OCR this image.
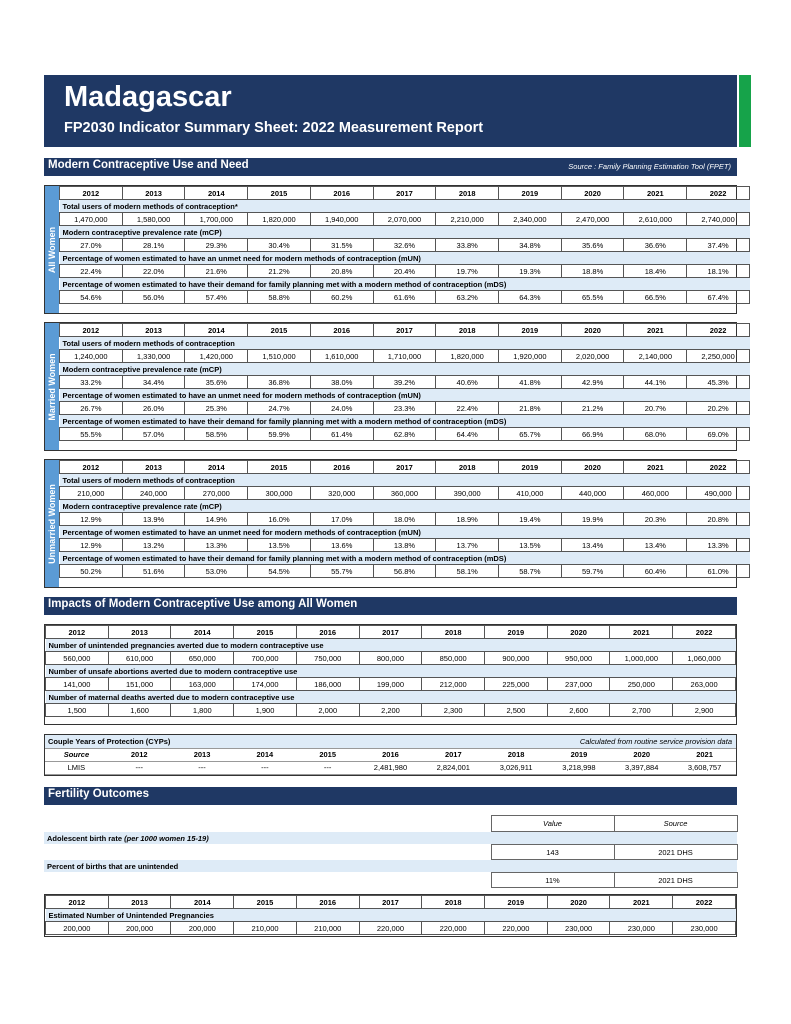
Madagascar
FP2030 Indicator Summary Sheet: 2022 Measurement Report
Modern Contraceptive Use and Need	Source : Family Planning Estimation Tool (FPET)
All Women
2012	2013	2014	2015	2016	2017	2018	2019	2020	2021	2022
Total users of modern methods of contraception*										
1,470,000	1,580,000	1,700,000	1,820,000	1,940,000	2,070,000	2,210,000	2,340,000	2,470,000	2,610,000	2,740,000
Modern contraceptive prevalence rate (mCP)										
27.0%	28.1%	29.3%	30.4%	31.5%	32.6%	33.8%	34.8%	35.6%	36.6%	37.4%
Percentage of women estimated to have an unmet need for modern methods of contraception (mUN)										
22.4%	22.0%	21.6%	21.2%	20.8%	20.4%	19.7%	19.3%	18.8%	18.4%	18.1%
Percentage of women estimated to have their demand for family planning met with a modern method of contraception (mDS)										
54.6%	56.0%	57.4%	58.8%	60.2%	61.6%	63.2%	64.3%	65.5%	66.5%	67.4%
Married Women
2012	2013	2014	2015	2016	2017	2018	2019	2020	2021	2022
Total users of modern methods of contraception										
1,240,000	1,330,000	1,420,000	1,510,000	1,610,000	1,710,000	1,820,000	1,920,000	2,020,000	2,140,000	2,250,000
Modern contraceptive prevalence rate (mCP)										
33.2%	34.4%	35.6%	36.8%	38.0%	39.2%	40.6%	41.8%	42.9%	44.1%	45.3%
Percentage of women estimated to have an unmet need for modern methods of contraception (mUN)										
26.7%	26.0%	25.3%	24.7%	24.0%	23.3%	22.4%	21.8%	21.2%	20.7%	20.2%
Percentage of women estimated to have their demand for family planning met with a modern method of contraception (mDS)										
55.5%	57.0%	58.5%	59.9%	61.4%	62.8%	64.4%	65.7%	66.9%	68.0%	69.0%
Unmarried Women
2012	2013	2014	2015	2016	2017	2018	2019	2020	2021	2022
Total users of modern methods of contraception										
210,000	240,000	270,000	300,000	320,000	360,000	390,000	410,000	440,000	460,000	490,000
Modern contraceptive prevalence rate (mCP)										
12.9%	13.9%	14.9%	16.0%	17.0%	18.0%	18.9%	19.4%	19.9%	20.3%	20.8%
Percentage of women estimated to have an unmet need for modern methods of contraception (mUN)										
12.9%	13.2%	13.3%	13.5%	13.6%	13.8%	13.7%	13.5%	13.4%	13.4%	13.3%
Percentage of women estimated to have their demand for family planning met with a modern method of contraception (mDS)										
50.2%	51.6%	53.0%	54.5%	55.7%	56.8%	58.1%	58.7%	59.7%	60.4%	61.0%
Impacts of Modern Contraceptive Use among All Women
2012	2013	2014	2015	2016	2017	2018	2019	2020	2021	2022
Number of unintended pregnancies averted due to modern contraceptive use										
560,000	610,000	650,000	700,000	750,000	800,000	850,000	900,000	950,000	1,000,000	1,060,000
Number of unsafe abortions averted due to modern contraceptive use										
141,000	151,000	163,000	174,000	186,000	199,000	212,000	225,000	237,000	250,000	263,000
Number of maternal deaths averted due to modern contraceptive use										
1,500	1,600	1,800	1,900	2,000	2,200	2,300	2,500	2,600	2,700	2,900
Couple Years of Protection (CYPs)					Calculated from routine service provision data					
Source	2012	2013	2014	2015	2016	2017	2018	2019	2020	2021
LMIS	---	---	---	---	2,481,980	2,824,001	3,026,911	3,218,998	3,397,884	3,608,757
Fertility Outcomes
	Value	Source
Adolescent birth rate (per 1000 women 15-19)		
	143	2021 DHS
Percent of births that are unintended		
	11%	2021 DHS
2012	2013	2014	2015	2016	2017	2018	2019	2020	2021	2022
Estimated Number of Unintended Pregnancies										
200,000	200,000	200,000	210,000	210,000	220,000	220,000	220,000	230,000	230,000	230,000
